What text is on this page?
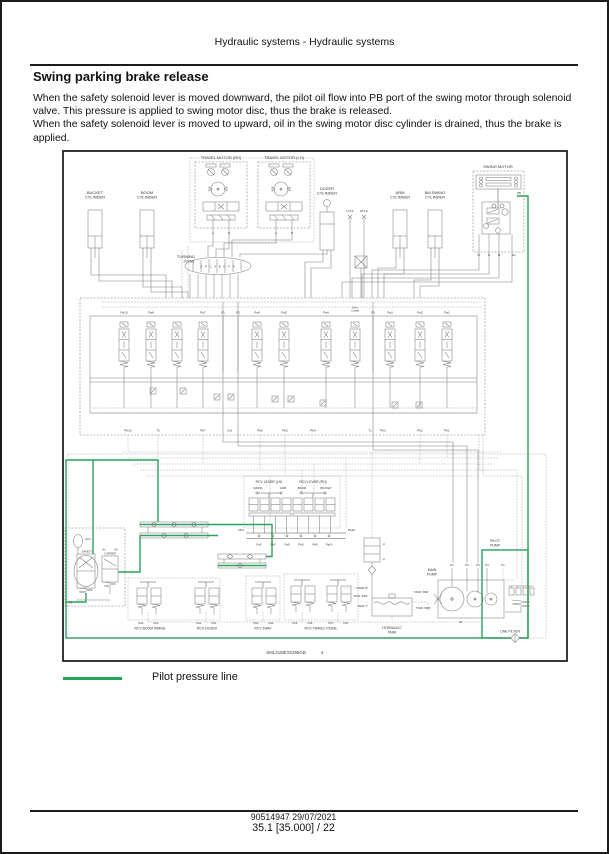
Hydraulic systems - Hydraulic systems
Swing parking brake release
When the safety solenoid lever is moved downward, the pilot oil flow into PB port of the swing motor through solenoid valve. This pressure is applied to swing motor disc, thus the brake is released.
When the safety solenoid lever is moved to upward, oil in the swing motor disc cylinder is drained, thus the brake is applied.
BUCKET CYLINDER
BOOM CYLINDER
TRAVEL MOTOR (RH)
A	B
TRAVEL MOTOR (LH)
A	B
DOZER CYLINDER
LH-A RH-A
ARM CYLINDER
BM SWING CYLINDER
SWING MOTOR
Dr	B	M	Ds
PB
TURNING JOINT
S P C A B D F E
Pa10	Pa8	Pa7	P1	P2	Pa6	Pa5	Pa4
Arm Crowd	P3	Pa3	Pa2	Pa1
Pb10	T2	Pb7	Dr1	Pb6	Pb5	Pb4	T1	Pb3	Pb2	Pb1
RCV LEVER (LH)
SWING	ARM
RCV LEVER (RH)
BOOM	BUCKET
Pb3
Pa3	Pb5	Pa9	Pb8	Pb9	Pa10
Pb10
ACC
SAFETY	A1	A2
2-SPEED
P1
Pa2	Pb2
RCV BOOM SWING
Pa1	Pb1
RCV DOZER
Pb4	Pa4
RCV 2WAY
Pb6	Pa6	Pb7	Pa7
RCV TRAVEL PEDAL
A
C
MAIN PUMP
PILOT PUMP
P1	P2	P3 P4	Pc
B1
HYDRAULIC TANK
TANK 'P'
TANK 'DR1'
TANK 'T'
TANK 'DR2'
TANK 'DR3'
LINE FILTER
SML21MEX0296GB	4
Pilot pressure line
90514947 29/07/2021
35.1 [35.000] / 22
